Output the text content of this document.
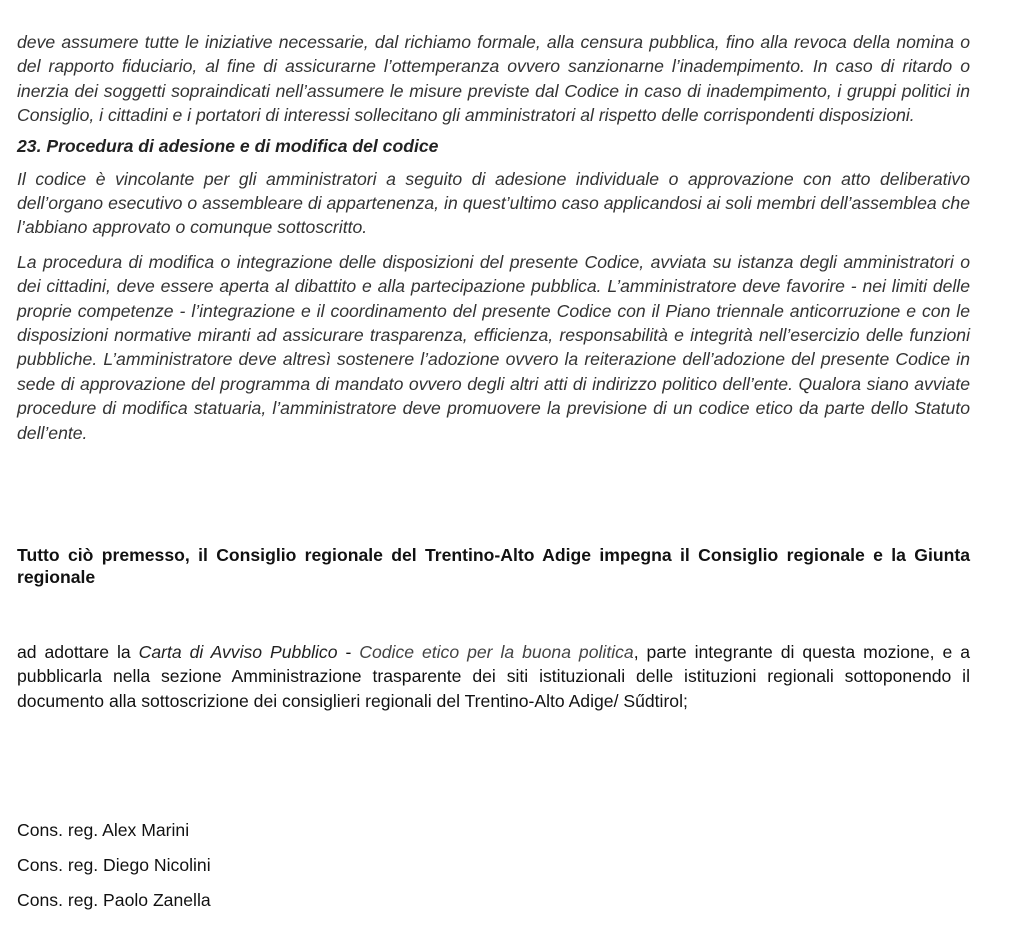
deve assumere tutte le iniziative necessarie, dal richiamo formale, alla censura pubblica, fino alla revoca della nomina o del rapporto fiduciario, al fine di assicurarne l’ottemperanza ovvero sanzionarne l’inadempimento. In caso di ritardo o inerzia dei soggetti sopraindicati nell’assumere le misure previste dal Codice in caso di inadempimento, i gruppi politici in Consiglio, i cittadini e i portatori di interessi sollecitano gli amministratori al rispetto delle corrispondenti disposizioni.

23. Procedura di adesione e di modifica del codice

Il codice è vincolante per gli amministratori a seguito di adesione individuale o approvazione con atto deliberativo dell’organo esecutivo o assembleare di appartenenza, in quest’ultimo caso applicandosi ai soli membri dell’assemblea che l’abbiano approvato o comunque sottoscritto.

La procedura di modifica o integrazione delle disposizioni del presente Codice, avviata su istanza degli amministratori o dei cittadini, deve essere aperta al dibattito e alla partecipazione pubblica. L’amministratore deve favorire - nei limiti delle proprie competenze - l’integrazione e il coordinamento del presente Codice con il Piano triennale anticorruzione e con le disposizioni normative miranti ad assicurare trasparenza, efficienza, responsabilità e integrità nell’esercizio delle funzioni pubbliche. L’amministratore deve altresì sostenere l’adozione ovvero la reiterazione dell’adozione del presente Codice in sede di approvazione del programma di mandato ovvero degli altri atti di indirizzo politico dell’ente. Qualora siano avviate procedure di modifica statuaria, l’amministratore deve promuovere la previsione di un codice etico da parte dello Statuto dell’ente.

Tutto ciò premesso, il Consiglio regionale del Trentino-Alto Adige impegna il Consiglio regionale e la Giunta regionale

ad adottare la Carta di Avviso Pubblico - Codice etico per la buona politica, parte integrante di questa mozione, e a pubblicarla nella sezione Amministrazione trasparente dei siti istituzionali delle istituzioni regionali sottoponendo il documento alla sottoscrizione dei consiglieri regionali del Trentino-Alto Adige/ Sűdtirol;

Cons. reg. Alex Marini

Cons. reg. Diego Nicolini

Cons. reg. Paolo Zanella
